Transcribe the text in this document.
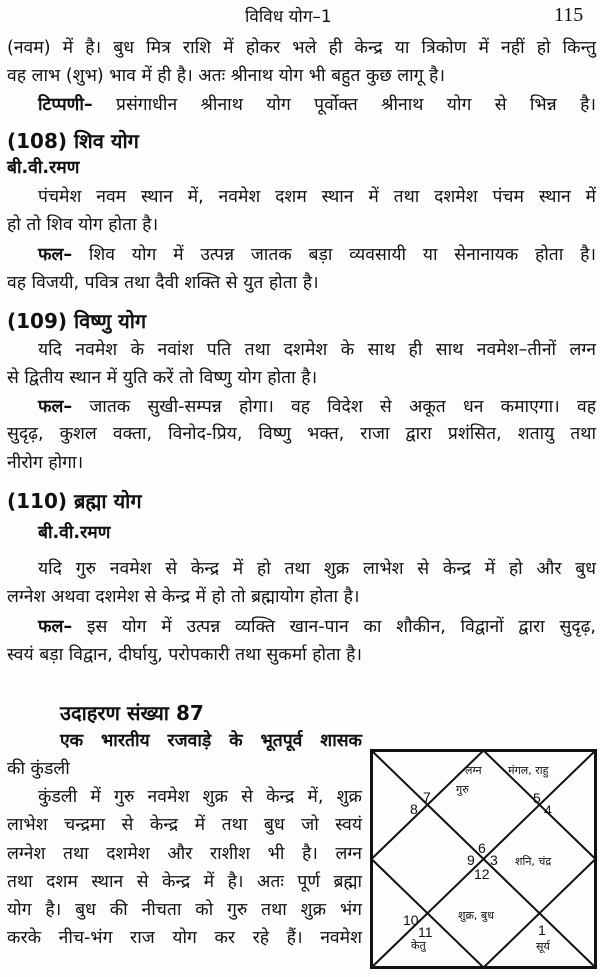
विविध योग–1	115
(नवम) में है। बुध मित्र राशि में होकर भले ही केन्द्र या त्रिकोण में नहीं हो किन्तु
वह लाभ (शुभ) भाव में ही है। अतः श्रीनाथ योग भी बहुत कुछ लागू है।
टिप्पणी– प्रसंगाधीन श्रीनाथ योग पूर्वोक्त श्रीनाथ योग से भिन्न है।
(108) शिव योग
बी.वी.रमण
पंचमेश नवम स्थान में, नवमेश दशम स्थान में तथा दशमेश पंचम स्थान में
हो तो शिव योग होता है।
फल– शिव योग में उत्पन्न जातक बड़ा व्यवसायी या सेनानायक होता है।
वह विजयी, पवित्र तथा दैवी शक्ति से युत होता है।
(109) विष्णु योग
यदि नवमेश के नवांश पति तथा दशमेश के साथ ही साथ नवमेश–तीनों लग्न
से द्वितीय स्थान में युति करें तो विष्णु योग होता है।
फल– जातक सुखी-सम्पन्न होगा। वह विदेश से अकूत धन कमाएगा। वह
सुदृढ़, कुशल वक्ता, विनोद-प्रिय, विष्णु भक्त, राजा द्वारा प्रशंसित, शतायु तथा
नीरोग होगा।
(110) ब्रह्मा योग
बी.वी.रमण
यदि गुरु नवमेश से केन्द्र में हो तथा शुक्र लाभेश से केन्द्र में हो और बुध
लग्नेश अथवा दशमेश से केन्द्र में हो तो ब्रह्मायोग होता है।
फल– इस योग में उत्पन्न व्यक्ति खान-पान का शौकीन, विद्वानों द्वारा सुदृढ़,
स्वयं बड़ा विद्वान, दीर्घायु, परोपकारी तथा सुकर्मा होता है।
उदाहरण संख्या 87
एक भारतीय रजवाड़े के भूतपूर्व शासक
की कुंडली
कुंडली में गुरु नवमेश शुक्र से केन्द्र में, शुक्र
लाभेश चन्द्रमा से केन्द्र में तथा बुध जो स्वयं
लग्नेश तथा दशमेश और राशीश भी है। लग्न
तथा दशम स्थान से केन्द्र में है। अतः पूर्ण ब्रह्मा
योग है। बुध की नीचता को गुरु तथा शुक्र भंग
करके नीच-भंग राज योग कर रहे हैं। नवमेश
लग्न
गुरु
मंगल, राहु
शनि, चंद्र
शुक्र, बुध
केतु	सूर्य
7
8
5
4
6
9 3
12
10
11	1
